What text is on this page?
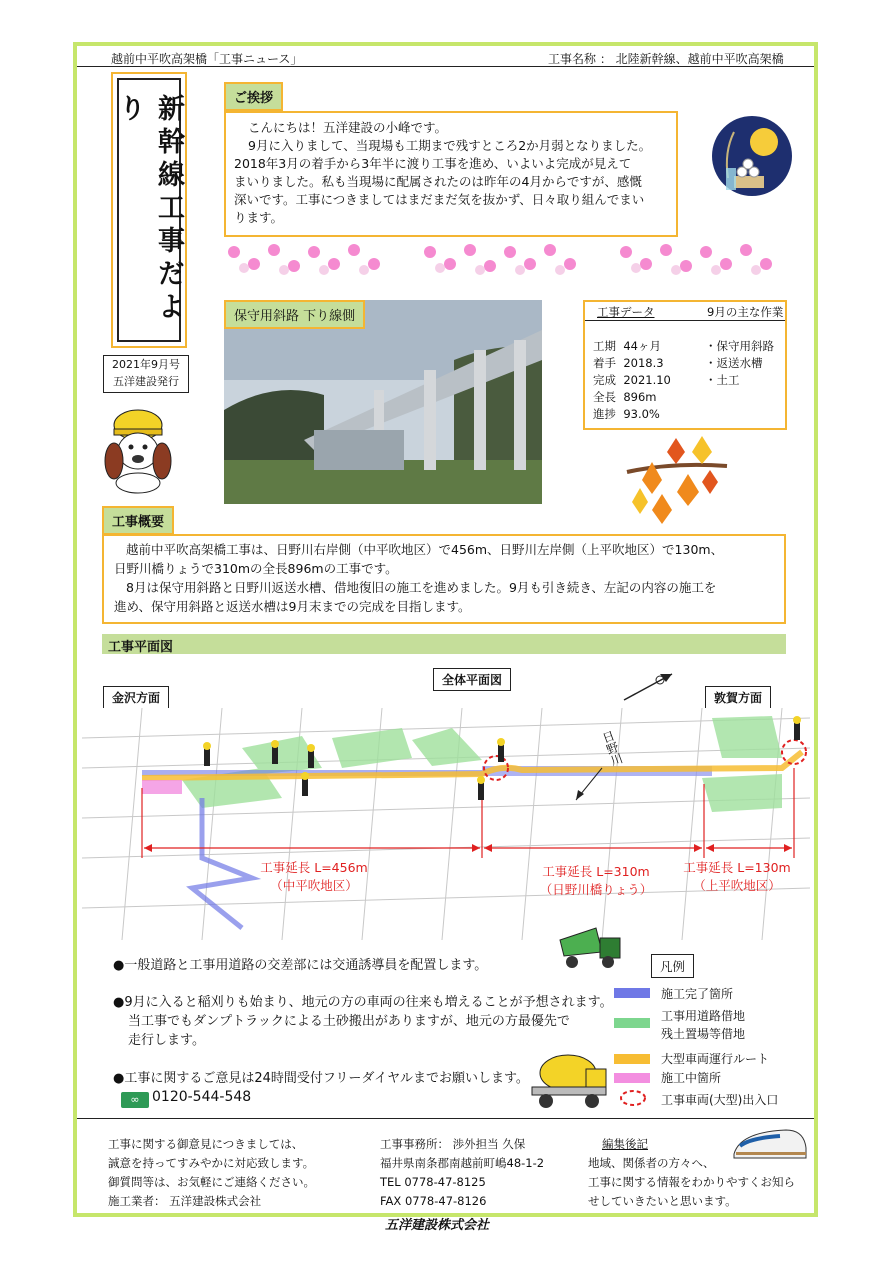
越前中平吹高架橋「工事ニュース」	工事名称 ： 北陸新幹線、越前中平吹高架橋
新幹線工事だより
2021年9月号
五洋建設発行
ご挨拶
こんにちは！五洋建設の小峰です。
9月に入りまして、当現場も工期まで残すところ2か月弱となりました。
2018年3月の着手から3年半に渡り工事を進め、いよいよ完成が見えて
まいりました。私も当現場に配属されたのは昨年の4月からですが、感慨
深いです。工事につきましてはまだまだ気を抜かず、日々取り組んでまい
ります。
保守用斜路 下り線側	工事データ	9月の主な作業
工期 44ヶ月
着手 2018.3
完成 2021.10
全長 896m
進捗 93.0%
・保守用斜路
・返送水槽
・土工
工事概要
越前中平吹高架橋工事は、日野川右岸側（中平吹地区）で456m、日野川左岸側（上平吹地区）で130m、
日野川橋りょうで310mの全長896mの工事です。
8月は保守用斜路と日野川返送水槽、借地復旧の施工を進めました。9月も引き続き、左記の内容の施工を
進め、保守用斜路と返送水槽は9月末までの完成を目指します。
工事平面図
全体平面図
金沢方面	敦賀方面
日野川
工事延長 L=456m
（中平吹地区）
工事延長 L=310m
（日野川橋りょう）
工事延長 L=130m
（上平吹地区）
●一般道路と工事用道路の交差部には交通誘導員を配置します。
●9月に入ると稲刈りも始まり、地元の方の車両の往来も増えることが予想されます。
当工事でもダンプトラックによる土砂搬出がありますが、地元の方最優先で
走行します。
●工事に関するご意見は24時間受付フリーダイヤルまでお願いします。
∞ 0120-544-548
凡例
施工完了箇所
工事用道路借地
残土置場等借地
大型車両運行ルート
施工中箇所
工事車両(大型)出入口
工事に関する御意見につきましては、
誠意を持ってすみやかに対応致します。
御質問等は、お気軽にご連絡ください。
施工業者： 五洋建設株式会社
工事事務所： 渉外担当 久保
福井県南条郡南越前町嶋48-1-2
TEL 0778-47-8125
FAX 0778-47-8126
編集後記
地域、関係者の方々へ、
工事に関する情報をわかりやすくお知ら
せしていきたいと思います。
五洋建設株式会社
